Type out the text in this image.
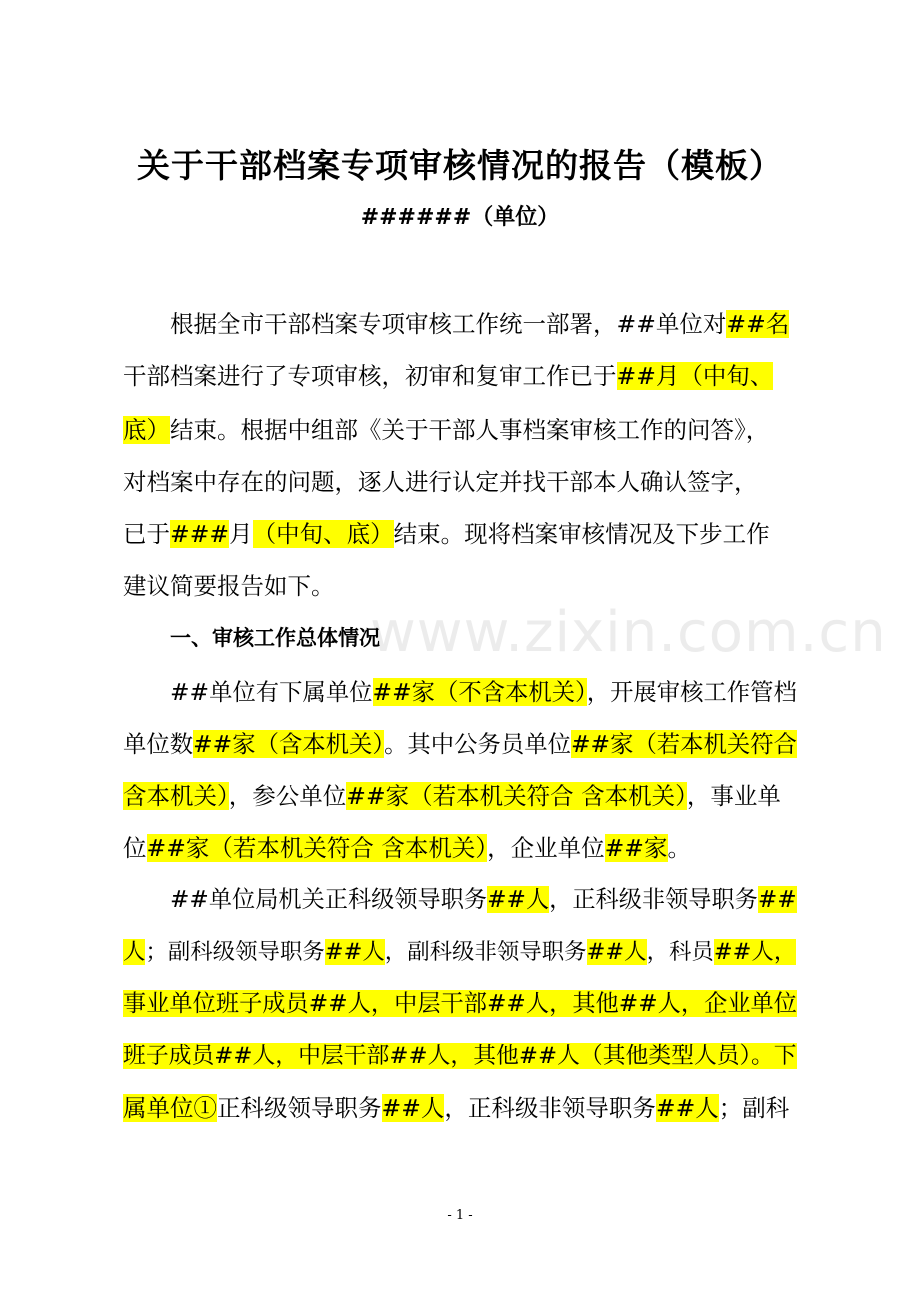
关于干部档案专项审核情况的报告（模板）
######（单位）
根据全市干部档案专项审核工作统一部署，##单位对##名
干部档案进行了专项审核，初审和复审工作已于##月（中旬、
底）结束。根据中组部《关于干部人事档案审核工作的问答》，
对档案中存在的问题，逐人进行认定并找干部本人确认签字，
已于###月（中旬、底）结束。现将档案审核情况及下步工作
建议简要报告如下。
www.zixin.com.cn
一、审核工作总体情况
##单位有下属单位##家（不含本机关），开展审核工作管档
单位数##家（含本机关）。其中公务员单位##家（若本机关符合
含本机关），参公单位##家（若本机关符合 含本机关），事业单
位##家（若本机关符合 含本机关），企业单位##家。
##单位局机关正科级领导职务##人，正科级非领导职务##
人；副科级领导职务##人，副科级非领导职务##人，科员##人，
事业单位班子成员##人，中层干部##人，其他##人，企业单位
班子成员##人，中层干部##人，其他##人（其他类型人员）。下
属单位①正科级领导职务##人，正科级非领导职务##人；副科
- 1 -
